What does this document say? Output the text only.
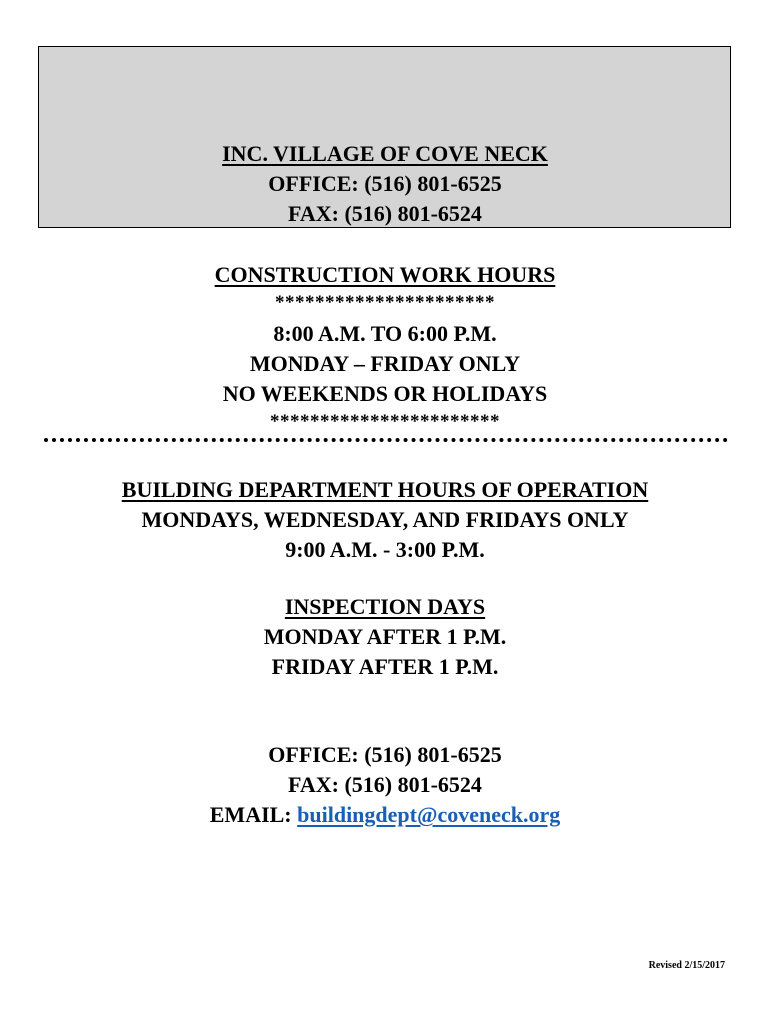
INC. VILLAGE OF COVE NECK
OFFICE: (516) 801-6525
FAX: (516) 801-6524
CONSTRUCTION WORK HOURS
**********************
8:00 A.M. TO 6:00 P.M.
MONDAY – FRIDAY ONLY
NO WEEKENDS OR HOLIDAYS
***********************
BUILDING DEPARTMENT HOURS OF OPERATION
MONDAYS, WEDNESDAY, AND FRIDAYS ONLY
9:00 A.M. - 3:00 P.M.
INSPECTION DAYS
MONDAY AFTER 1 P.M.
FRIDAY AFTER 1 P.M.
OFFICE: (516) 801-6525
FAX: (516) 801-6524
EMAIL: buildingdept@coveneck.org
Revised 2/15/2017
